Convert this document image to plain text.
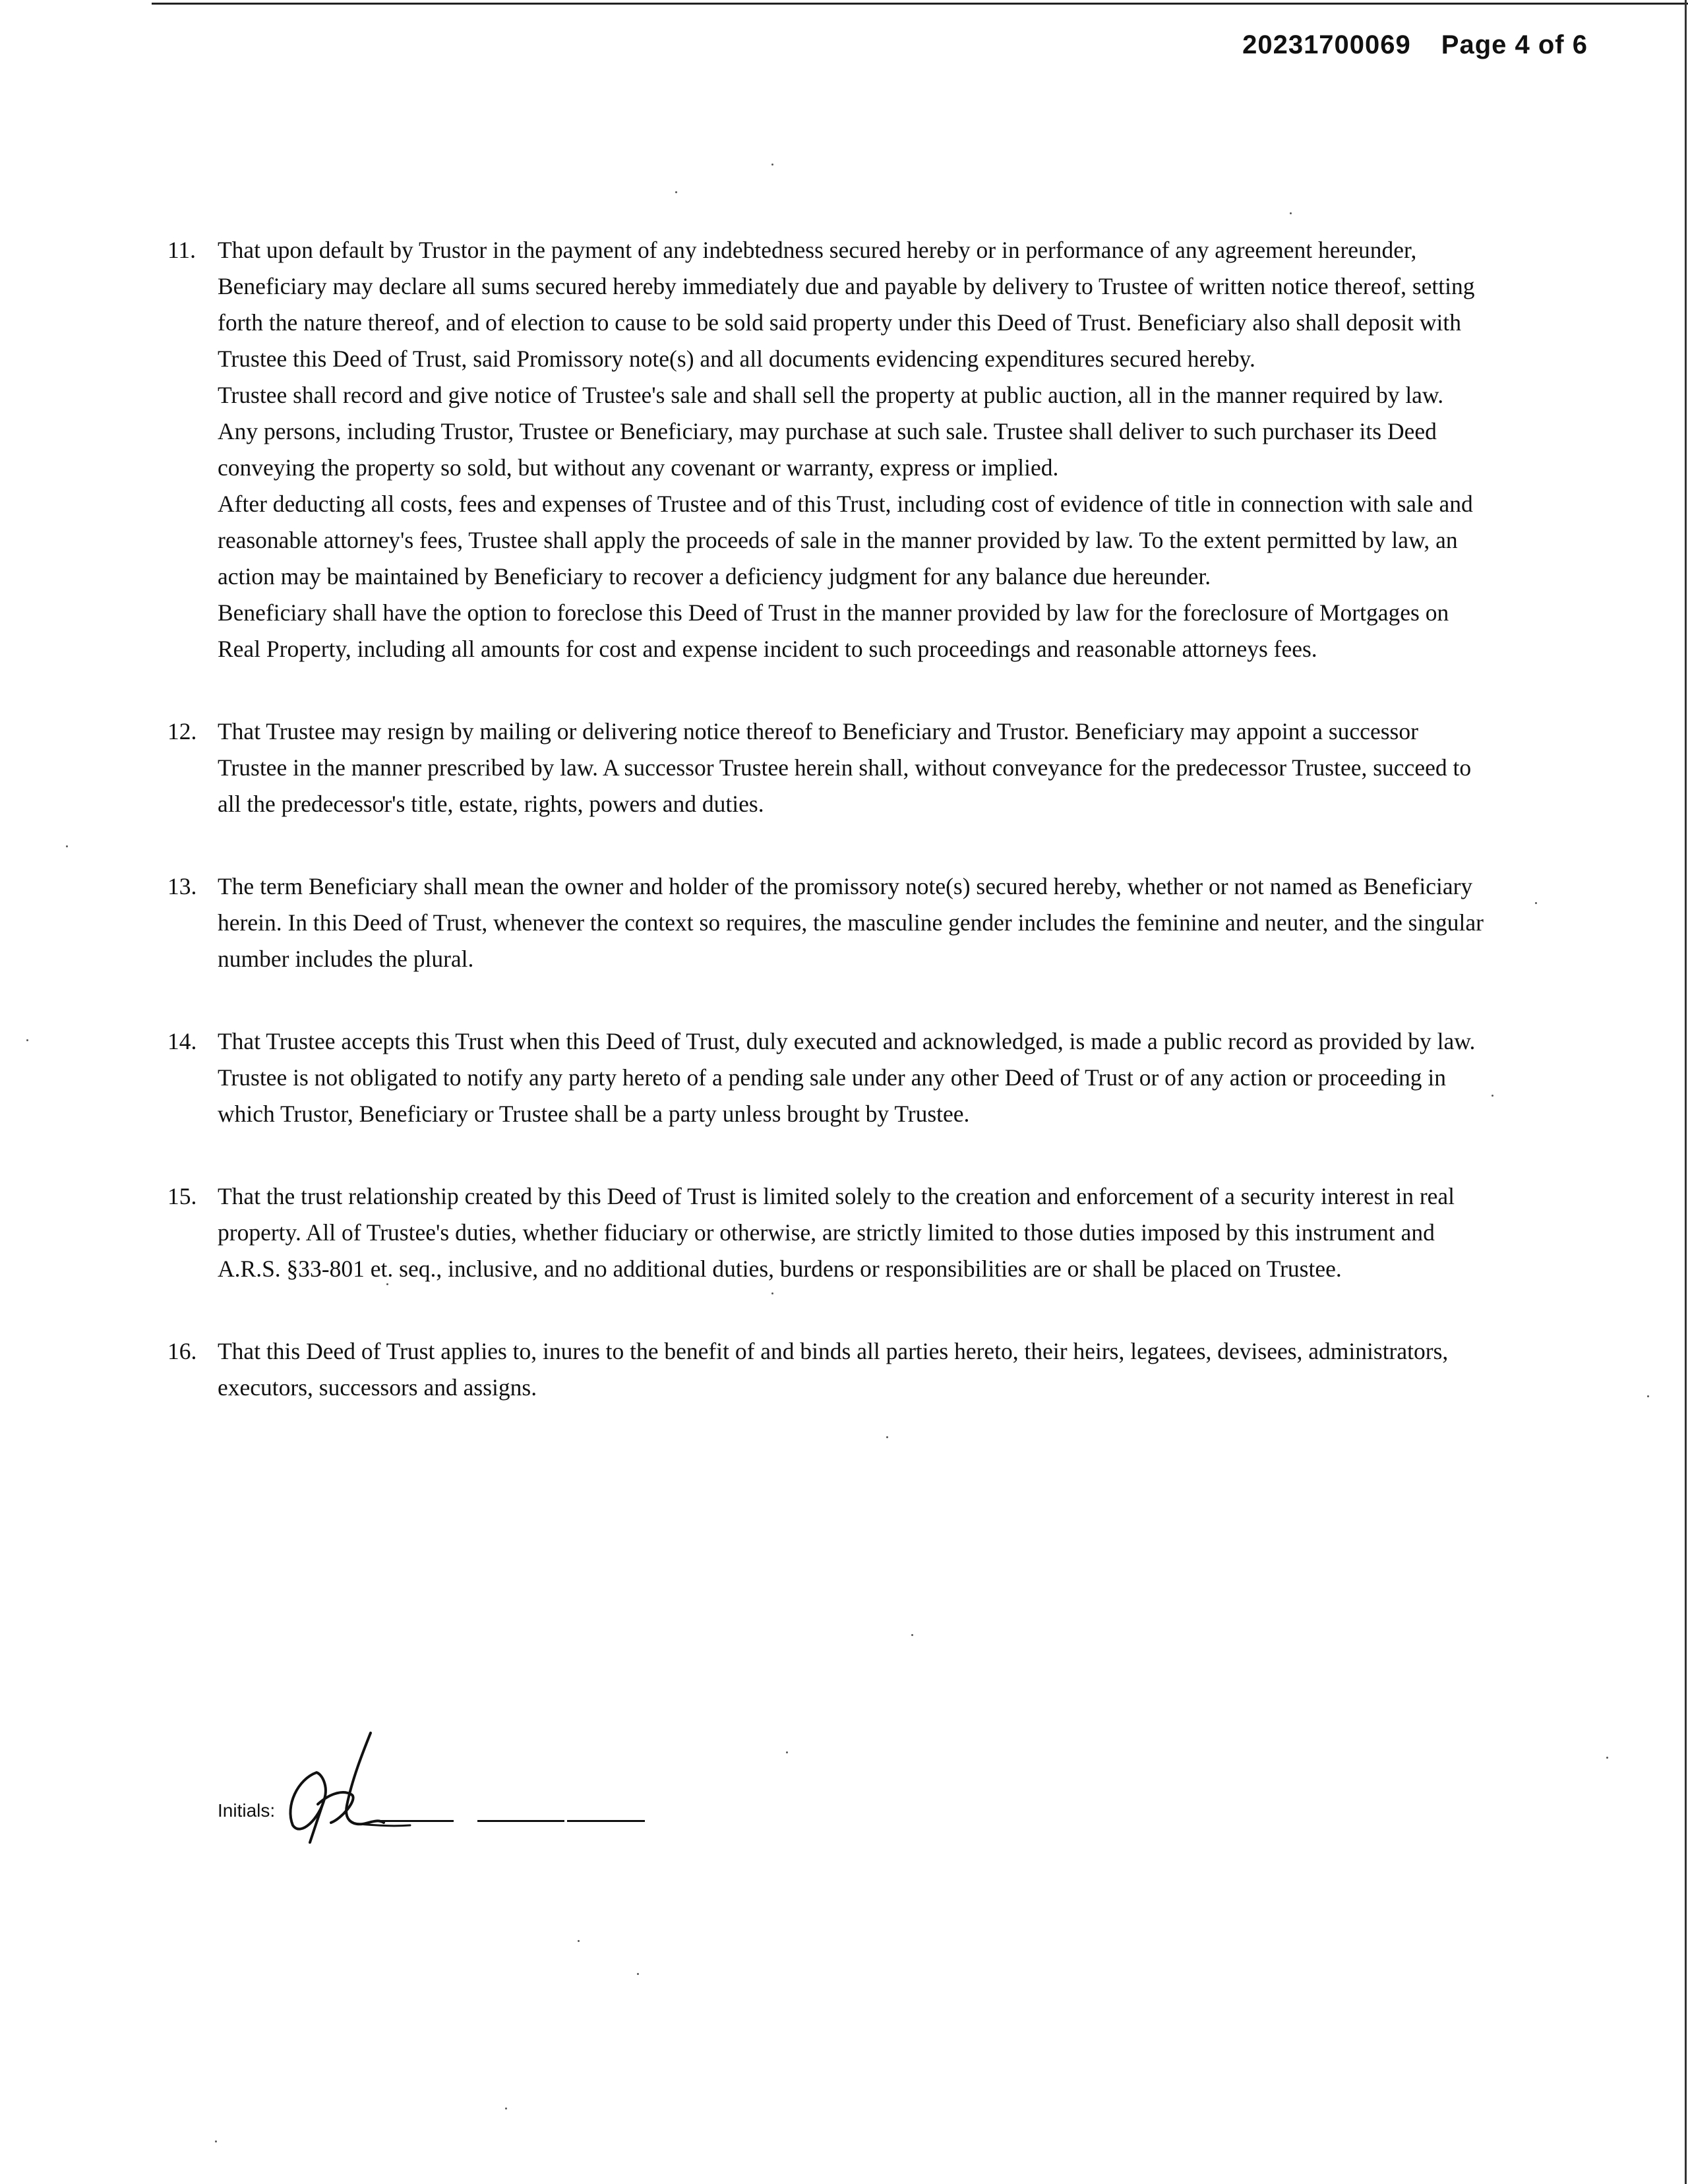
20231700069 Page 4 of 6
11. That upon default by Trustor in the payment of any indebtedness secured hereby or in performance of any agreement hereunder, Beneficiary may declare all sums secured hereby immediately due and payable by delivery to Trustee of written notice thereof, setting forth the nature thereof, and of election to cause to be sold said property under this Deed of Trust. Beneficiary also shall deposit with Trustee this Deed of Trust, said Promissory note(s) and all documents evidencing expenditures secured hereby.

Trustee shall record and give notice of Trustee's sale and shall sell the property at public auction, all in the manner required by law. Any persons, including Trustor, Trustee or Beneficiary, may purchase at such sale. Trustee shall deliver to such purchaser its Deed conveying the property so sold, but without any covenant or warranty, express or implied.

After deducting all costs, fees and expenses of Trustee and of this Trust, including cost of evidence of title in connection with sale and reasonable attorney's fees, Trustee shall apply the proceeds of sale in the manner provided by law. To the extent permitted by law, an action may be maintained by Beneficiary to recover a deficiency judgment for any balance due hereunder.

Beneficiary shall have the option to foreclose this Deed of Trust in the manner provided by law for the foreclosure of Mortgages on Real Property, including all amounts for cost and expense incident to such proceedings and reasonable attorneys fees.

12. That Trustee may resign by mailing or delivering notice thereof to Beneficiary and Trustor. Beneficiary may appoint a successor Trustee in the manner prescribed by law. A successor Trustee herein shall, without conveyance for the predecessor Trustee, succeed to all the predecessor's title, estate, rights, powers and duties.

13. The term Beneficiary shall mean the owner and holder of the promissory note(s) secured hereby, whether or not named as Beneficiary herein. In this Deed of Trust, whenever the context so requires, the masculine gender includes the feminine and neuter, and the singular number includes the plural.

14. That Trustee accepts this Trust when this Deed of Trust, duly executed and acknowledged, is made a public record as provided by law. Trustee is not obligated to notify any party hereto of a pending sale under any other Deed of Trust or of any action or proceeding in which Trustor, Beneficiary or Trustee shall be a party unless brought by Trustee.

15. That the trust relationship created by this Deed of Trust is limited solely to the creation and enforcement of a security interest in real property. All of Trustee's duties, whether fiduciary or otherwise, are strictly limited to those duties imposed by this instrument and A.R.S. §33-801 et. seq., inclusive, and no additional duties, burdens or responsibilities are or shall be placed on Trustee.

16. That this Deed of Trust applies to, inures to the benefit of and binds all parties hereto, their heirs, legatees, devisees, administrators, executors, successors and assigns.

Initials:
